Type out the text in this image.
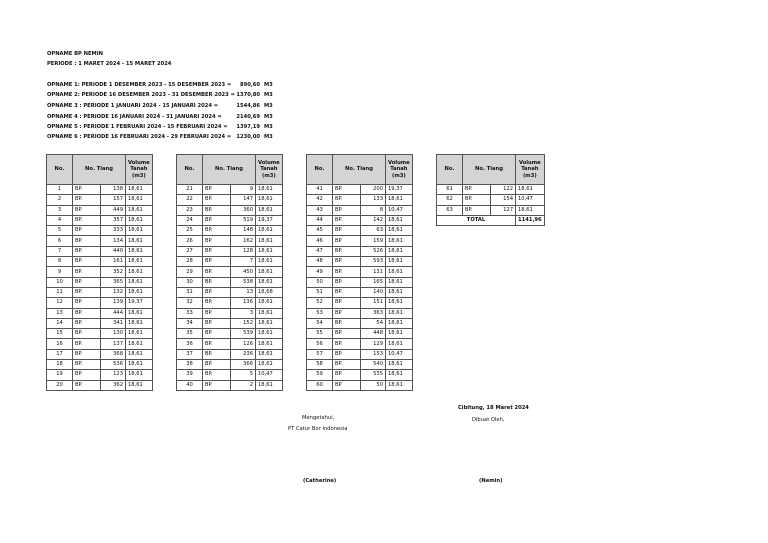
OPNAME BP NEMIN
PERIODE : 1 MARET 2024 - 15 MARET 2024
OPNAME 1: PERIODE 1 DESEMBER 2023 - 15 DESEMBER 2023 =	890,60 M3
OPNAME 2: PERIODE 16 DESEMBER 2023 - 31 DESEMBER 2023 = 1370,80 M3
OPNAME 3 : PERIODE 1 JANUARI 2024 - 15 JANUARI 2024 =	1544,86 M3
OPNAME 4 : PERIODE 16 JANUARI 2024 - 31 JANUARI 2024 =	2140,69 M3
OPNAME 5 : PERIODE 1 FEBRUARI 2024 - 15 FEBRUARI 2024 =	1397,19 M3
OPNAME 6 : PERIODE 16 FEBRUARI 2024 - 29 FEBRUARI 2024 = 1230,00 M3
No.	No. Tiang		Volume Tanah (m3)
1	BP.	138	18,61
2	BP.	157	18,61
3	BP.	449	18,61
4	BP.	357	18,61
5	BP.	333	18,61
6	BP.	134	18,61
7	BP.	440	18,61
8	BP.	161	18,61
9	BP.	352	18,61
10	BP.	365	18,61
11	BP.	132	18,61
12	BP.	139	19,37
13	BP.	444	18,61
14	BP.	341	18,61
15	BP.	130	18,61
16	BP.	137	18,61
17	BP.	368	18,61
18	BP.	536	18,61
19	BP.	123	18,61
20	BP.	362	18,61
No.	No. Tiang		Volume Tanah (m3)
21	BP.	9	18,61
22	BP.	147	18,61
23	BP.	360	18,61
24	BP.	519	19,37
25	BP.	148	18,61
26	BP.	162	18,61
27	BP.	128	18,61
28	BP.	7	18,61
29	BP.	450	18,61
30	BP.	538	18,61
31	BP.	13	18,68
32	BP.	136	18,61
33	BP.	3	18,61
34	BP.	152	18,61
35	BP.	539	18,61
36	BP.	126	18,61
37	BP.	236	18,61
38	BP.	366	18,61
39	BP.	5	10,47
40	BP.	2	18,61
No.	No. Tiang		Volume Tanah (m3)
41	BP.	200	19,37
42	BP.	133	18,61
43	BP.	8	10,47
44	BP.	142	18,61
45	BP.	63	18,61
46	BP.	159	18,61
47	BP.	526	18,61
48	BP.	593	18,61
49	BP.	131	18,61
50	BP.	165	18,61
51	BP.	140	18,61
52	BP.	151	18,61
53	BP.	363	18,61
54	BP.	54	18,61
55	BP.	448	18,61
56	BP.	129	18,61
57	BP.	153	10,47
58	BP.	540	18,61
59	BP.	535	18,61
60	BP.	50	18,61
No.	No. Tiang		Volume Tanah (m3)
61	BP.	122	18,61
62	BP.	154	10,47
63	BP.	127	18,61
TOTAL			1141,96
Cibitung, 18 Maret 2024
Dibuat Oleh,
Mengetahui,
PT Catur Bor Indonesia
(Catherine)	(Nemin)
